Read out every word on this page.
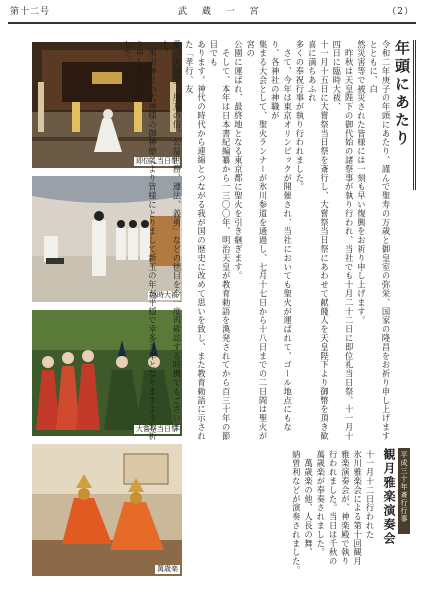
第十二号	武 蔵 一 宮	（2）
即位礼当日祭
臨時大祓
大嘗祭当日祭
萬歳楽
年頭にあたり
令和二年庚子の年頭にあたり、謹んで聖寿の万歳と御皇室の弥栄、国家の隆昌をお祈り申し上げますとともに、白
然災害等で被災された皆様には一刻も早い復興をお祈り申し上げます。
　昨秋は天皇陛下の御代始の諸祭事が執り行われ、当社でも十月二十二日に即位礼当日祭、十一月十四日に臨時大祓、
十一月十五日に大嘗祭当日祭を斎行し、大嘗祭当日祭にあわせて献餞人を天皇陛下より御幣を頂き歓喜に満ちあふれ
多くの奉祝行事が執り行われました。
　さて、今年は東京オリンピックが開催され、当社においても聖火が運ばれて、ゴール地点にもなり、各神社の神職が
集まる大会として、聖火ランナーが氷川参道を通過し、七月十七日から十八日までの二日間は聖火が宮の
公園に運ばれ、最終地となる東京都に聖火を引き継ぎます。
　そして、本年は日本書紀編纂から一三〇〇年、明治天皇が教育勅語を渙発されてから百三十年の節目でも
あります。神代の時代から連綿とつながる我が国の歴史に改めて思いを致し、また教育勅語に示された「孝行、友
愛、夫婦愛、朋友の信、公益世務、遵法、義勇」などの徳目を今一度再確認する時機でもございます。
　氷川神社の大神様の御神徳により皆様にとりまして新玉の年が平穏で幸多き年となりますようお祈り申し上げま
した。
平成三十年斎行行事
観月雅楽演奏会
十一月十二日行われた
氷川雅楽会による第十回観月
雅楽演奏会が、神楽殿で執り
行われました。当日は千秋の
萬歳楽が奉奏されました。
　萬歳楽の他、人長の舞、
納曽利などが演奏されました。
